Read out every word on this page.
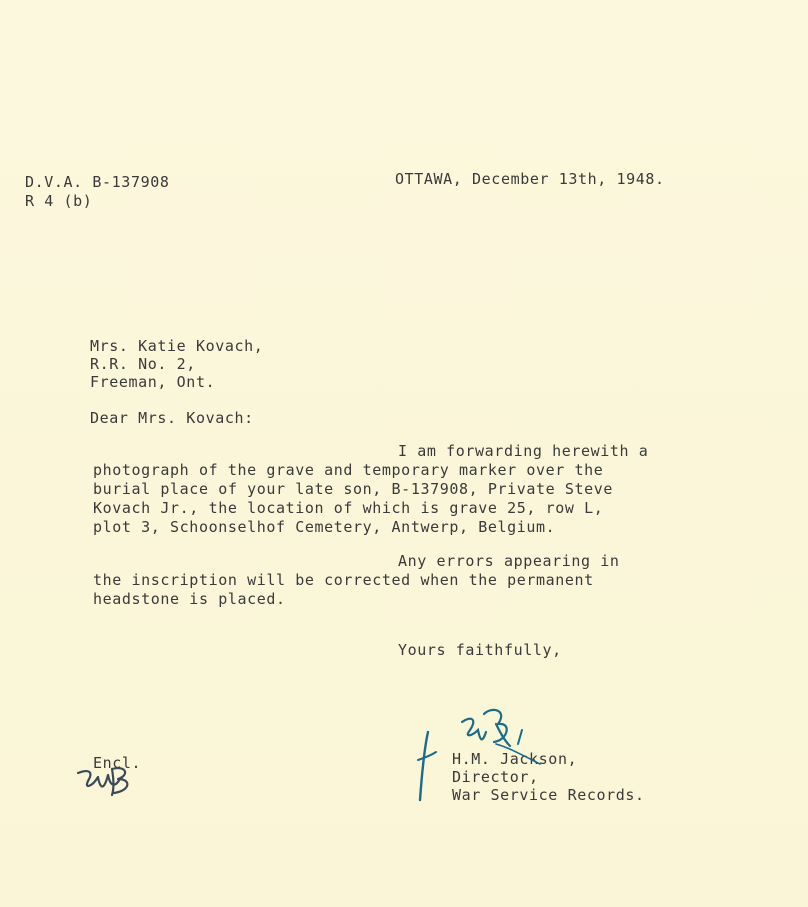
D.V.A. B-137908
R 4 (b)
OTTAWA, December 13th, 1948.
Mrs. Katie Kovach,
R.R. No. 2,
Freeman, Ont.
Dear Mrs. Kovach:
I am forwarding herewith a
photograph of the grave and temporary marker over the
burial place of your late son, B-137908, Private Steve
Kovach Jr., the location of which is grave 25, row L,
plot 3, Schoonselhof Cemetery, Antwerp, Belgium.
Any errors appearing in
the inscription will be corrected when the permanent
headstone is placed.
Yours faithfully,
Encl.	H.M. Jackson,
Director,
War Service Records.
